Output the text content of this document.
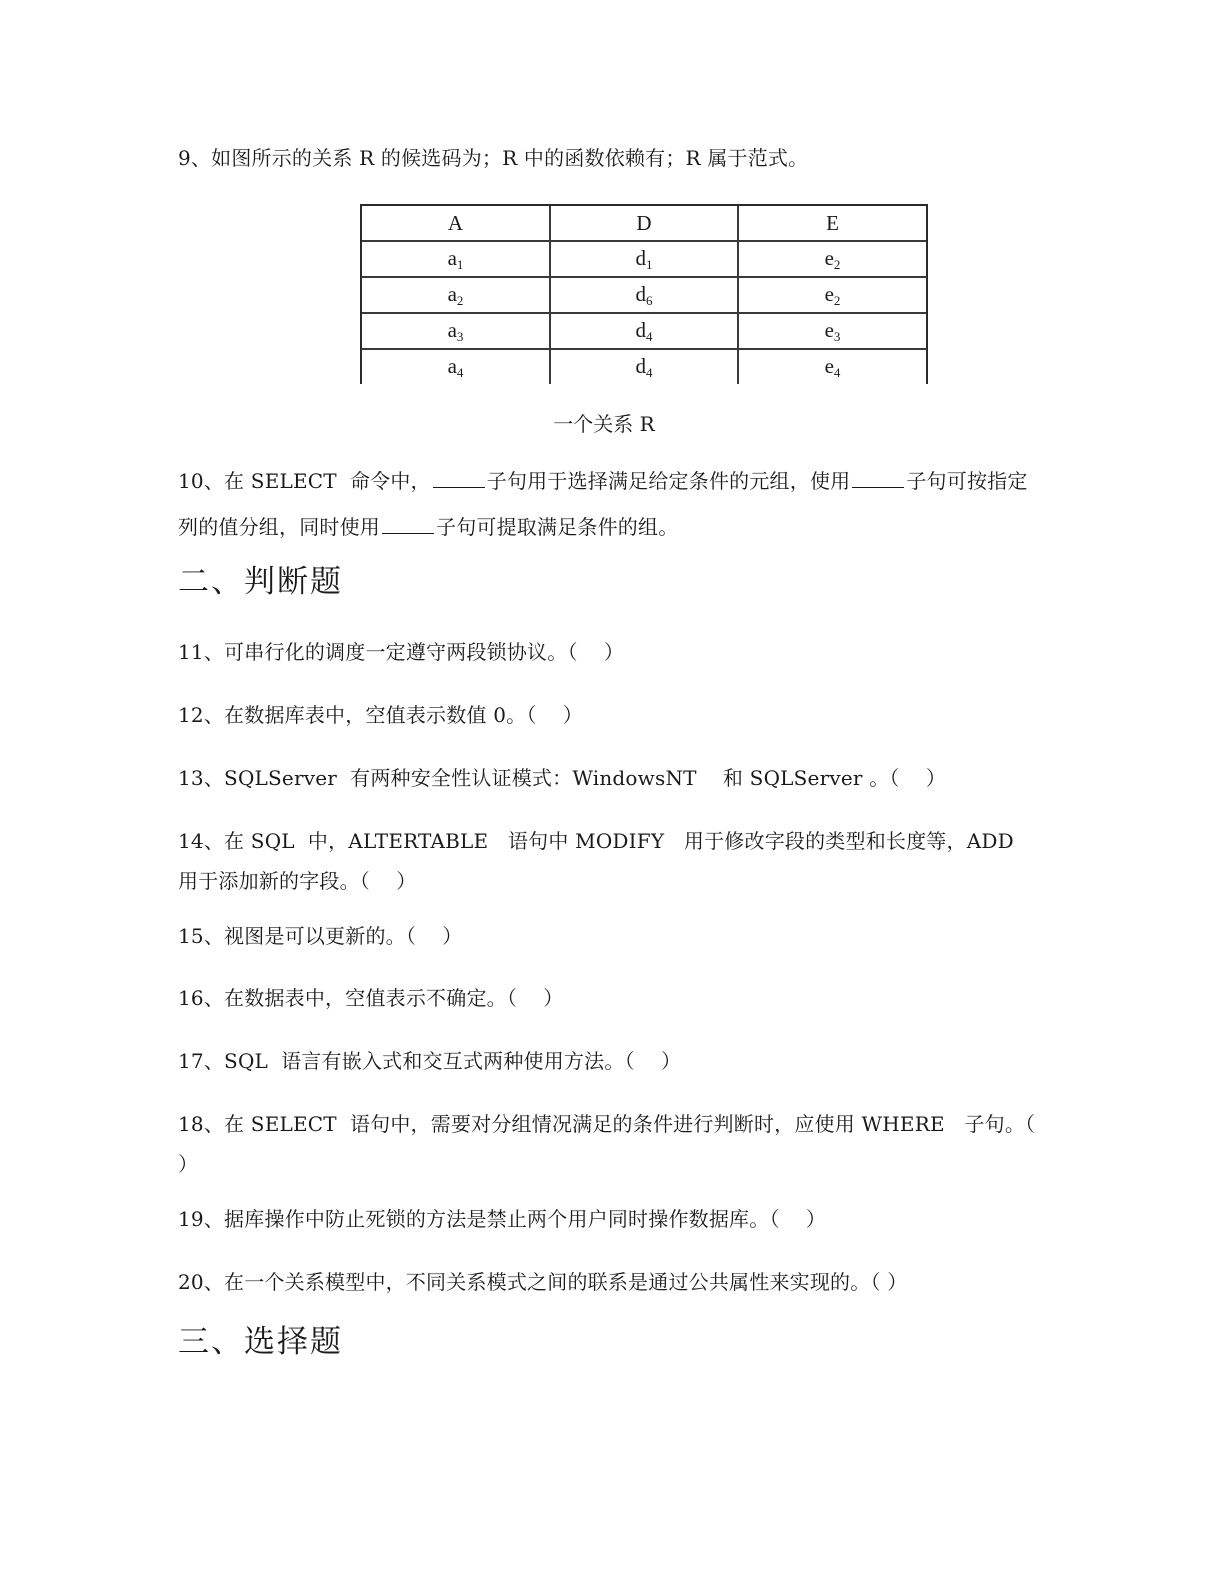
9、如图所示的关系 R 的候选码为；R 中的函数依赖有；R 属于范式。
A	D	E
$a_1$	$d_1$	$e_2$
$a_2$	$d_6$	$e_2$
$a_3$	$d_4$	$e_3$
$a_4$	$d_4$	$e_4$
一个关系 R
10、在 SELECT  命令中，	子句用于选择满足给定条件的元组，使用	子句可按指定列的值分组，同时使用	子句可提取满足条件的组。
二、判断题
11、可串行化的调度一定遵守两段锁协议。（    ）
12、在数据库表中，空值表示数值 0。（    ）
13、SQLServer  有两种安全性认证模式：WindowsNT    和 SQLServer 。（    ）
14、在 SQL  中，ALTERTABLE   语句中 MODIFY   用于修改字段的类型和长度等，ADD  用于添加新的字段。（    ）
15、视图是可以更新的。（    ）
16、在数据表中，空值表示不确定。（    ）
17、SQL  语言有嵌入式和交互式两种使用方法。（    ）
18、在 SELECT  语句中，需要对分组情况满足的条件进行判断时，应使用 WHERE   子句。（    ）
19、据库操作中防止死锁的方法是禁止两个用户同时操作数据库。（    ）
20、在一个关系模型中，不同关系模式之间的联系是通过公共属性来实现的。（ ）
三、选择题
